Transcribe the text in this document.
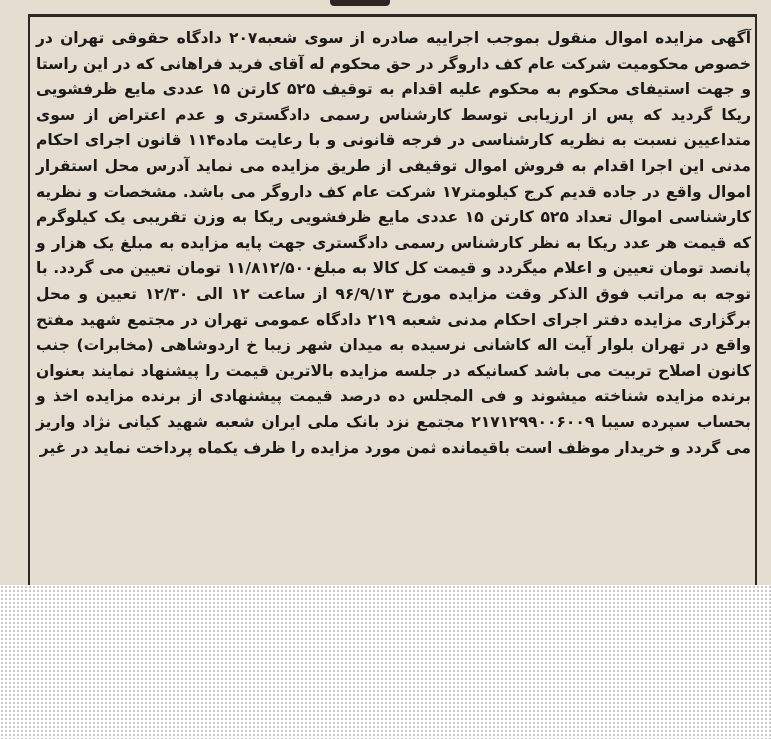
آگهی مزایده اموال منقول بموجب اجراییه صادره از سوی شعبه۲۰۷ دادگاه حقوقی تهران در خصوص محکومیت شرکت عام کف داروگر در حق محکوم له آقای فرید فراهانی که در این راستا و جهت استیفای محکوم به محکوم علیه اقدام به توقیف ۵۲۵ کارتن ۱۵ عددی مایع ظرفشویی ریکا گردید که پس از ارزیابی توسط کارشناس رسمی دادگستری و عدم اعتراض از سوی متداعیین نسبت به نظریه کارشناسی در فرجه قانونی و با رعایت ماده۱۱۴ قانون اجرای احکام مدنی این اجرا اقدام به فروش اموال توقیفی از طریق مزایده می نماید آدرس محل استقرار اموال واقع در جاده قدیم کرج کیلومتر۱۷ شرکت عام کف داروگر می باشد. مشخصات و نظریه کارشناسی اموال تعداد ۵۲۵ کارتن ۱۵ عددی مایع ظرفشویی ریکا به وزن تقریبی یک کیلوگرم که قیمت هر عدد ریکا به نظر کارشناس رسمی دادگستری جهت پایه مزایده به مبلغ یک هزار و پانصد تومان تعیین و اعلام میگردد و قیمت کل کالا به مبلغ۱۱/۸۱۲/۵۰۰ تومان تعیین می گردد. با توجه به مراتب فوق الذکر وقت مزایده مورخ ۹۶/۹/۱۳ از ساعت ۱۲ الی ۱۲/۳۰ تعیین و محل برگزاری مزایده دفتر اجرای احکام مدنی شعبه ۲۱۹ دادگاه عمومی تهران در مجتمع شهید مفتح واقع در تهران بلوار آیت اله کاشانی نرسیده به میدان شهر زیبا خ اردوشاهی (مخابرات) جنب کانون اصلاح تربیت می باشد کسانیکه در جلسه مزایده بالاترین قیمت را پیشنهاد نمایند بعنوان برنده مزایده شناخته میشوند و فی المجلس ده درصد قیمت پیشنهادی از برنده مزایده اخذ و بحساب سپرده سیبا ۲۱۷۱۲۹۹۰۰۶۰۰۹ مجتمع نزد بانک ملی ایران شعبه شهید کیانی نژاد واریز می گردد و خریدار موظف است باقیمانده ثمن مورد مزایده را ظرف یکماه پرداخت نماید در غیر
